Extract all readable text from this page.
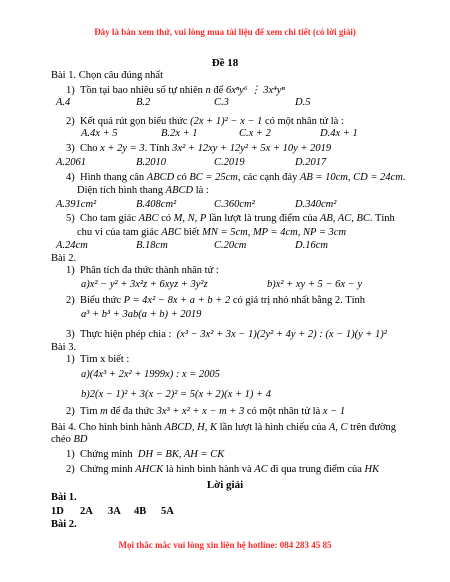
Đây là bản xem thử, vui lòng mua tài liệu để xem chi tiết (có lời giải)
Đề 18
Bài 1. Chọn câu đúng nhất
1) Tồn tại bao nhiêu số tự nhiên n để 6xⁿy⁶ ⋮ 3x⁴yⁿ
A.4	B.2	C.3	D.5
2) Kết quả rút gọn biểu thức (2x + 1)² − x − 1 có một nhân tử là :
A.4x + 5	B.2x + 1	C.x + 2	D.4x + 1
3) Cho x + 2y = 3. Tính 3x² + 12xy + 12y² + 5x + 10y + 2019
A.2061	B.2010	C.2019	D.2017
4) Hình thang cân ABCD có BC = 25cm, các cạnh đáy AB = 10cm, CD = 24cm.
Diện tích hình thang ABCD là :
A.391cm²	B.408cm²	C.360cm²	D.340cm²
5) Cho tam giác ABC có M, N, P lần lượt là trung điểm của AB, AC, BC. Tính
chu vi của tam giác ABC biết MN = 5cm, MP = 4cm, NP = 3cm
A.24cm	B.18cm	C.20cm	D.16cm
Bài 2.
1) Phân tích đa thức thành nhân tử :
a)x² − y² + 3x²z + 6xyz + 3y²z	b)x² + xy + 5 − 6x − y
2) Biểu thức P = 4x² − 8x + a + b + 2 có giá trị nhỏ nhất bằng 2. Tính
a³ + b³ + 3ab(a + b) + 2019
3) Thực hiện phép chia : (x³ − 3x² + 3x − 1)(2y² + 4y + 2) : (x − 1)(y + 1)²
Bài 3.
1) Tìm x biết :
a)(4x³ + 2x² + 1999x) : x = 2005
b)2(x − 1)² + 3(x − 2)² = 5(x + 2)(x + 1) + 4
2) Tìm m để đa thức 3x³ + x² + x − m + 3 có một nhân tử là x − 1
Bài 4. Cho hình bình hành ABCD, H, K lần lượt là hình chiếu của A, C trên đường
chéo BD
1) Chứng minh DH = BK, AH = CK
2) Chứng minh AHCK là hình bình hành và AC đi qua trung điểm của HK
Lời giải
Bài 1.
1D 2A 3A 4B 5A
Bài 2.
Mọi thắc mắc vui lòng xin liên hệ hotline: 084 283 45 85
